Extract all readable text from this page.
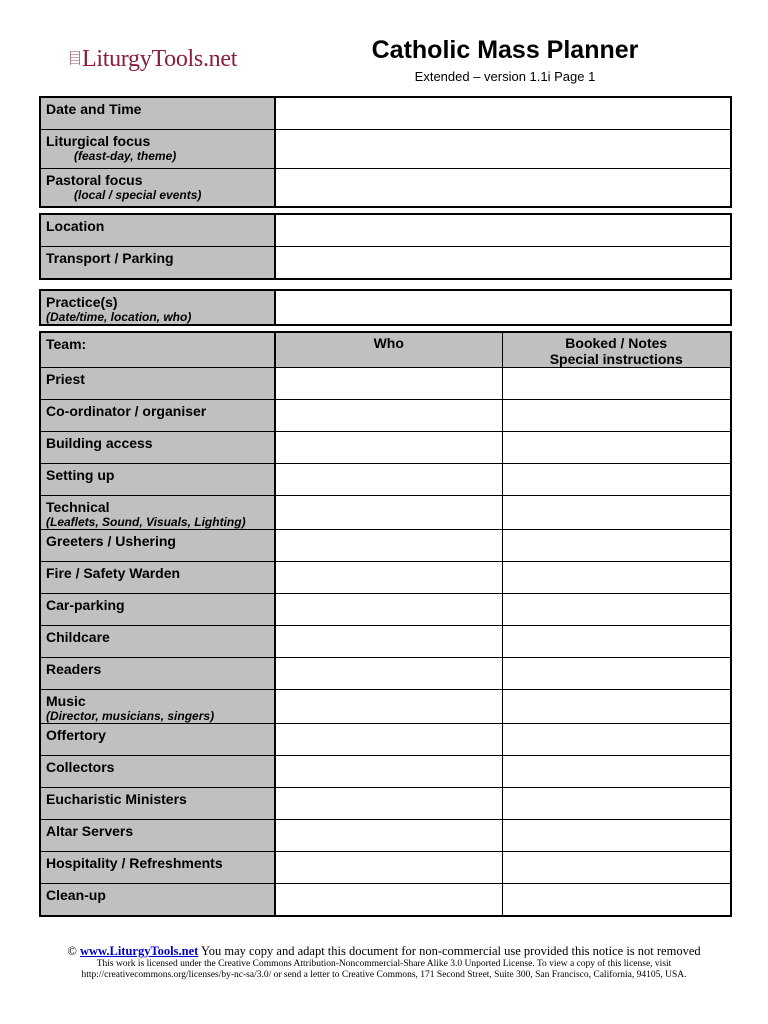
LiturgyTools.net	Catholic Mass Planner
Extended – version 1.1i Page 1
Date and Time	
Liturgical focus
(feast-day, theme)	

Pastoral focus
(local / special events)	

Location	
Transport / Parking	
Practice(s)
(Date/time, location, who)

Team:	Who	Booked / Notes
Special instructions
Priest		
Co-ordinator / organiser		
Building access		
Setting up		
Technical
(Leaflets, Sound, Visuals, Lighting)		

Greeters / Ushering		
Fire / Safety Warden		
Car-parking		
Childcare		
Readers		
Music
(Director, musicians, singers)		

Offertory		
Collectors		
Eucharistic Ministers		
Altar Servers		
Hospitality / Refreshments		
Clean-up		
© www.LiturgyTools.net You may copy and adapt this document for non-commercial use provided this notice is not removed
This work is licensed under the Creative Commons Attribution-Noncommercial-Share Alike 3.0 Unported License. To view a copy of this license, visit
http://creativecommons.org/licenses/by-nc-sa/3.0/ or send a letter to Creative Commons, 171 Second Street, Suite 300, San Francisco, California, 94105, USA.
